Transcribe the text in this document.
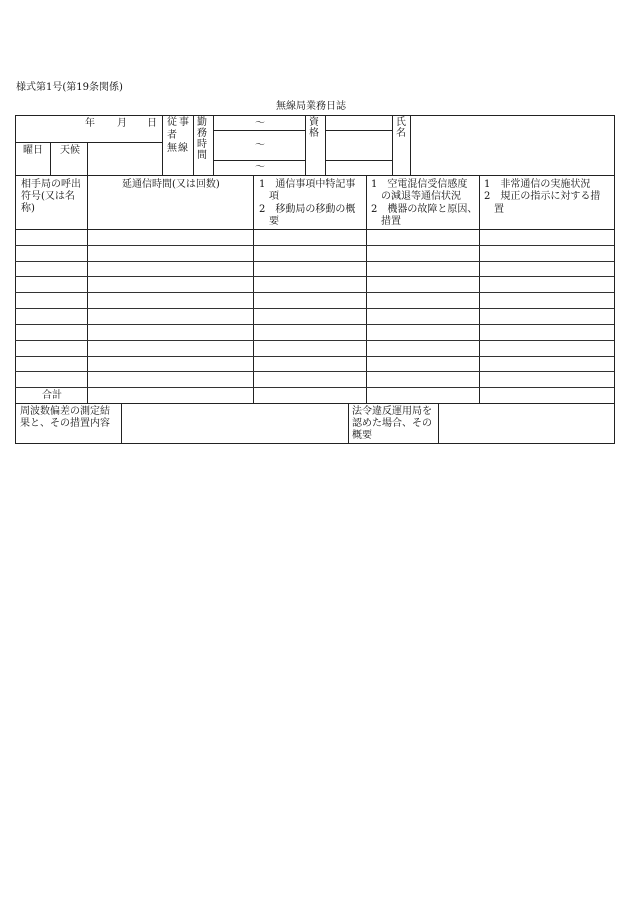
様式第1号(第19条関係)
無線局業務日誌
年 月 日
曜日 天候
従 事
者
無 線
勤
務
時
間
～
～
～
資
格
氏
名
相手局の呼出
符号(又は名
称)
延通信時間(又は回数)	1　通信事項中特記事
　項
2　移動局の移動の概
　要
1　空電混信受信感度
　の減退等通信状況
2　機器の故障と原因、
　措置
1　非常通信の実施状況
2　規正の指示に対する措
　置
合計
周波数偏差の測定結
果と、その措置内容
法令違反運用局を
認めた場合、その
概要
